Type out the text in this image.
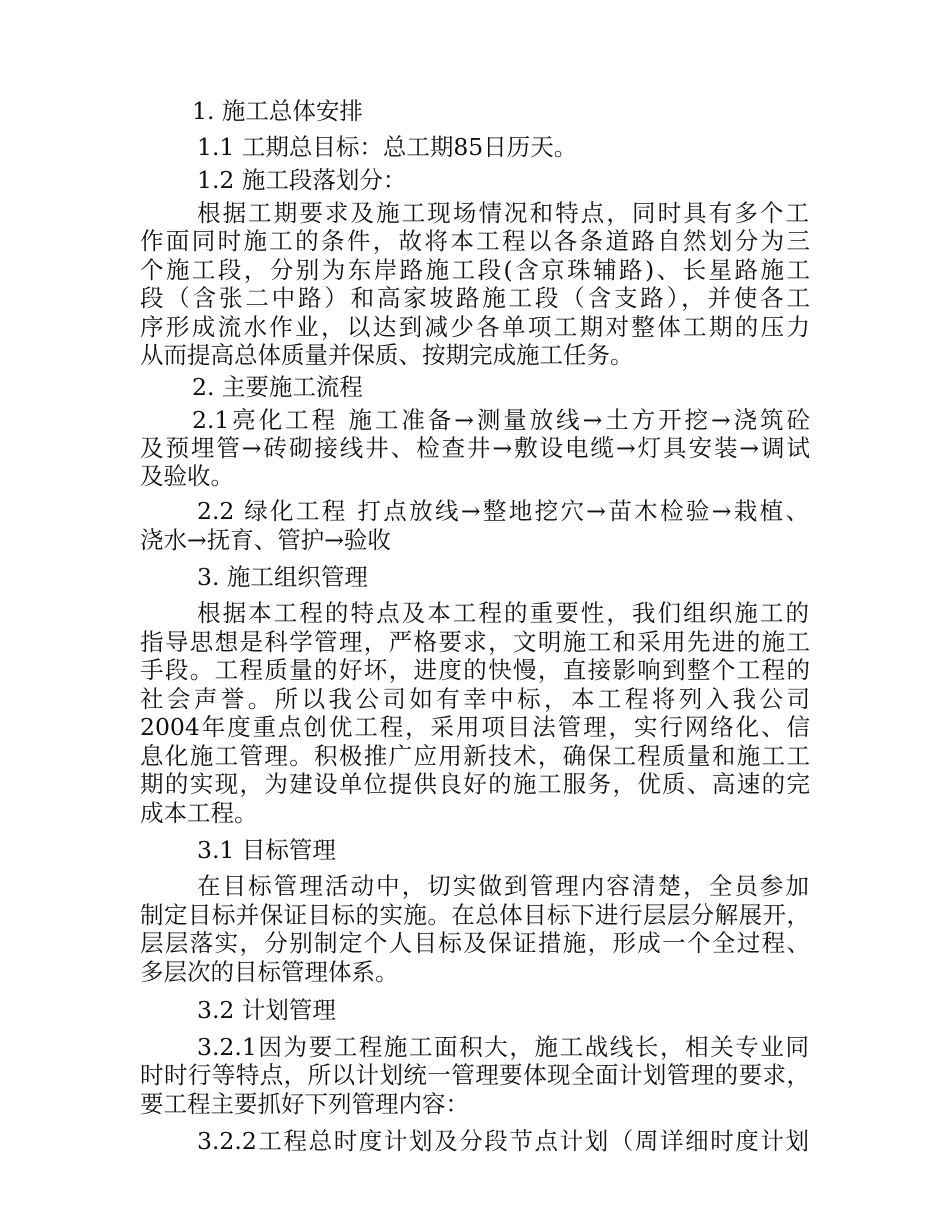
1. 施工总体安排
1.1 工期总目标：总工期85日历天。
1.2 施工段落划分：
根据工期要求及施工现场情况和特点，同时具有多个工
作面同时施工的条件，故将本工程以各条道路自然划分为三
个施工段，分别为东岸路施工段(含京珠辅路)、长星路施工
段（含张二中路）和高家坡路施工段（含支路），并使各工
序形成流水作业，以达到减少各单项工期对整体工期的压力
从而提高总体质量并保质、按期完成施工任务。
2. 主要施工流程
2.1亮化工程 施工准备→测量放线→土方开挖→浇筑砼
及预埋管→砖砌接线井、检查井→敷设电缆→灯具安装→调试
及验收。
2.2 绿化工程 打点放线→整地挖穴→苗木检验→栽植、
浇水→抚育、管护→验收
3. 施工组织管理
根据本工程的特点及本工程的重要性，我们组织施工的
指导思想是科学管理，严格要求，文明施工和采用先进的施工
手段。工程质量的好坏，进度的快慢，直接影响到整个工程的
社会声誉。所以我公司如有幸中标，本工程将列入我公司
2004年度重点创优工程，采用项目法管理，实行网络化、信
息化施工管理。积极推广应用新技术，确保工程质量和施工工
期的实现，为建设单位提供良好的施工服务，优质、高速的完
成本工程。
3.1 目标管理
在目标管理活动中，切实做到管理内容清楚，全员参加
制定目标并保证目标的实施。在总体目标下进行层层分解展开，
层层落实，分别制定个人目标及保证措施，形成一个全过程、
多层次的目标管理体系。
3.2 计划管理
3.2.1因为要工程施工面积大，施工战线长，相关专业同
时时行等特点，所以计划统一管理要体现全面计划管理的要求，
要工程主要抓好下列管理内容：
3.2.2工程总时度计划及分段节点计划（周详细时度计划
